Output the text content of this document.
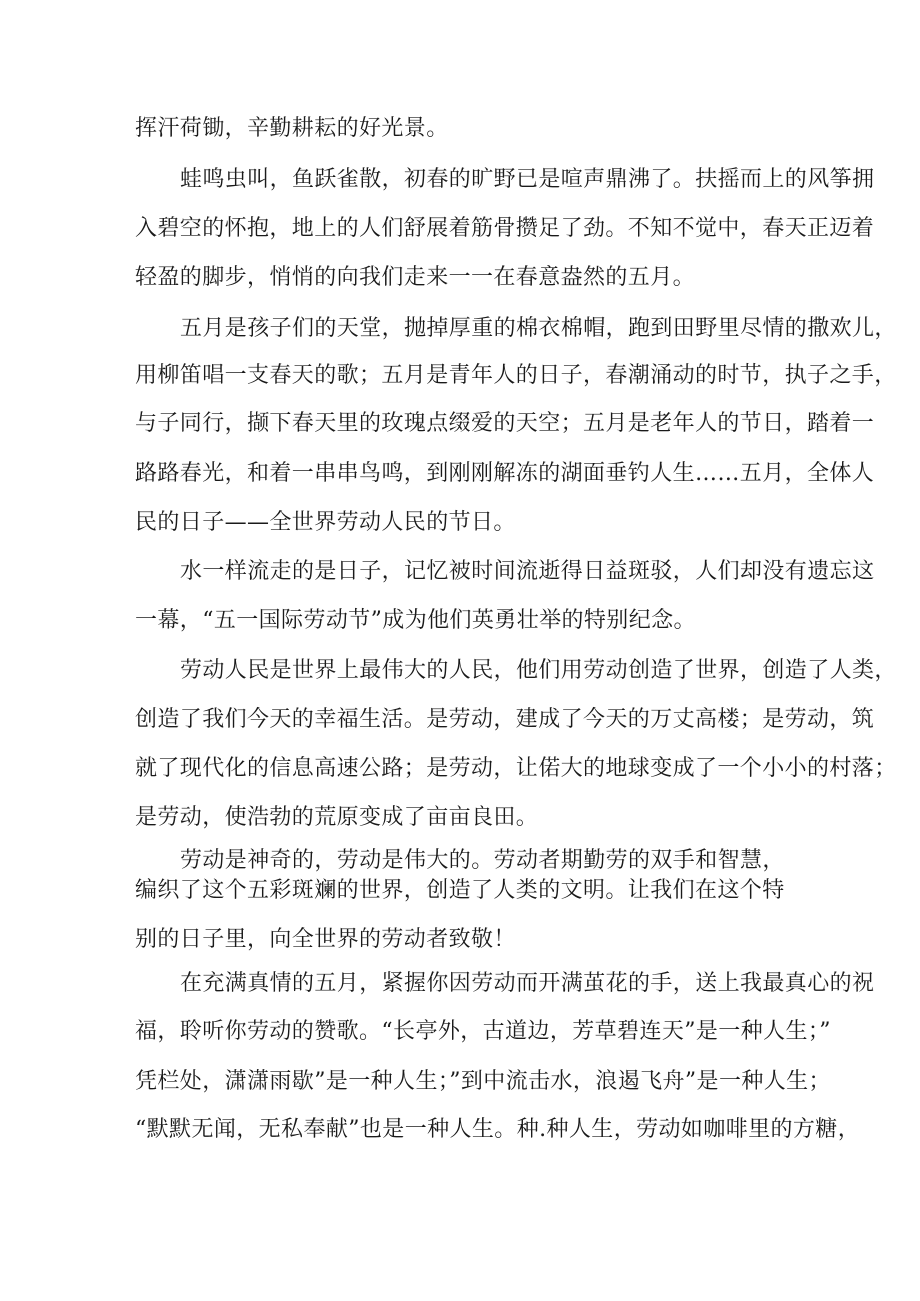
挥汗荷锄，辛勤耕耘的好光景。
蛙鸣虫叫，鱼跃雀散，初春的旷野已是喧声鼎沸了。扶摇而上的风筝拥
入碧空的怀抱，地上的人们舒展着筋骨攒足了劲。不知不觉中，春天正迈着
轻盈的脚步，悄悄的向我们走来一一在春意盎然的五月。
五月是孩子们的天堂，抛掉厚重的棉衣棉帽，跑到田野里尽情的撒欢儿，
用柳笛唱一支春天的歌；五月是青年人的日子，春潮涌动的时节，执子之手，
与子同行，撷下春天里的玫瑰点缀爱的天空；五月是老年人的节日，踏着一
路路春光，和着一串串鸟鸣，到刚刚解冻的湖面垂钓人生……五月，全体人
民的日子——全世界劳动人民的节日。
水一样流走的是日子，记忆被时间流逝得日益斑驳，人们却没有遗忘这
一幕，“五一国际劳动节”成为他们英勇壮举的特别纪念。
劳动人民是世界上最伟大的人民，他们用劳动创造了世界，创造了人类，
创造了我们今天的幸福生活。是劳动，建成了今天的万丈高楼；是劳动，筑
就了现代化的信息高速公路；是劳动，让偌大的地球变成了一个小小的村落；
是劳动，使浩勃的荒原变成了亩亩良田。
劳动是神奇的，劳动是伟大的。劳动者期勤劳的双手和智慧，
编织了这个五彩斑斓的世界，创造了人类的文明。让我们在这个特
别的日子里，向全世界的劳动者致敬！
在充满真情的五月，紧握你因劳动而开满茧花的手，送上我最真心的祝
福，聆听你劳动的赞歌。“长亭外，古道边，芳草碧连天”是一种人生；”
凭栏处，潇潇雨歇”是一种人生；”到中流击水，浪遏飞舟”是一种人生；
“默默无闻，无私奉献”也是一种人生。种.种人生，劳动如咖啡里的方糖，
